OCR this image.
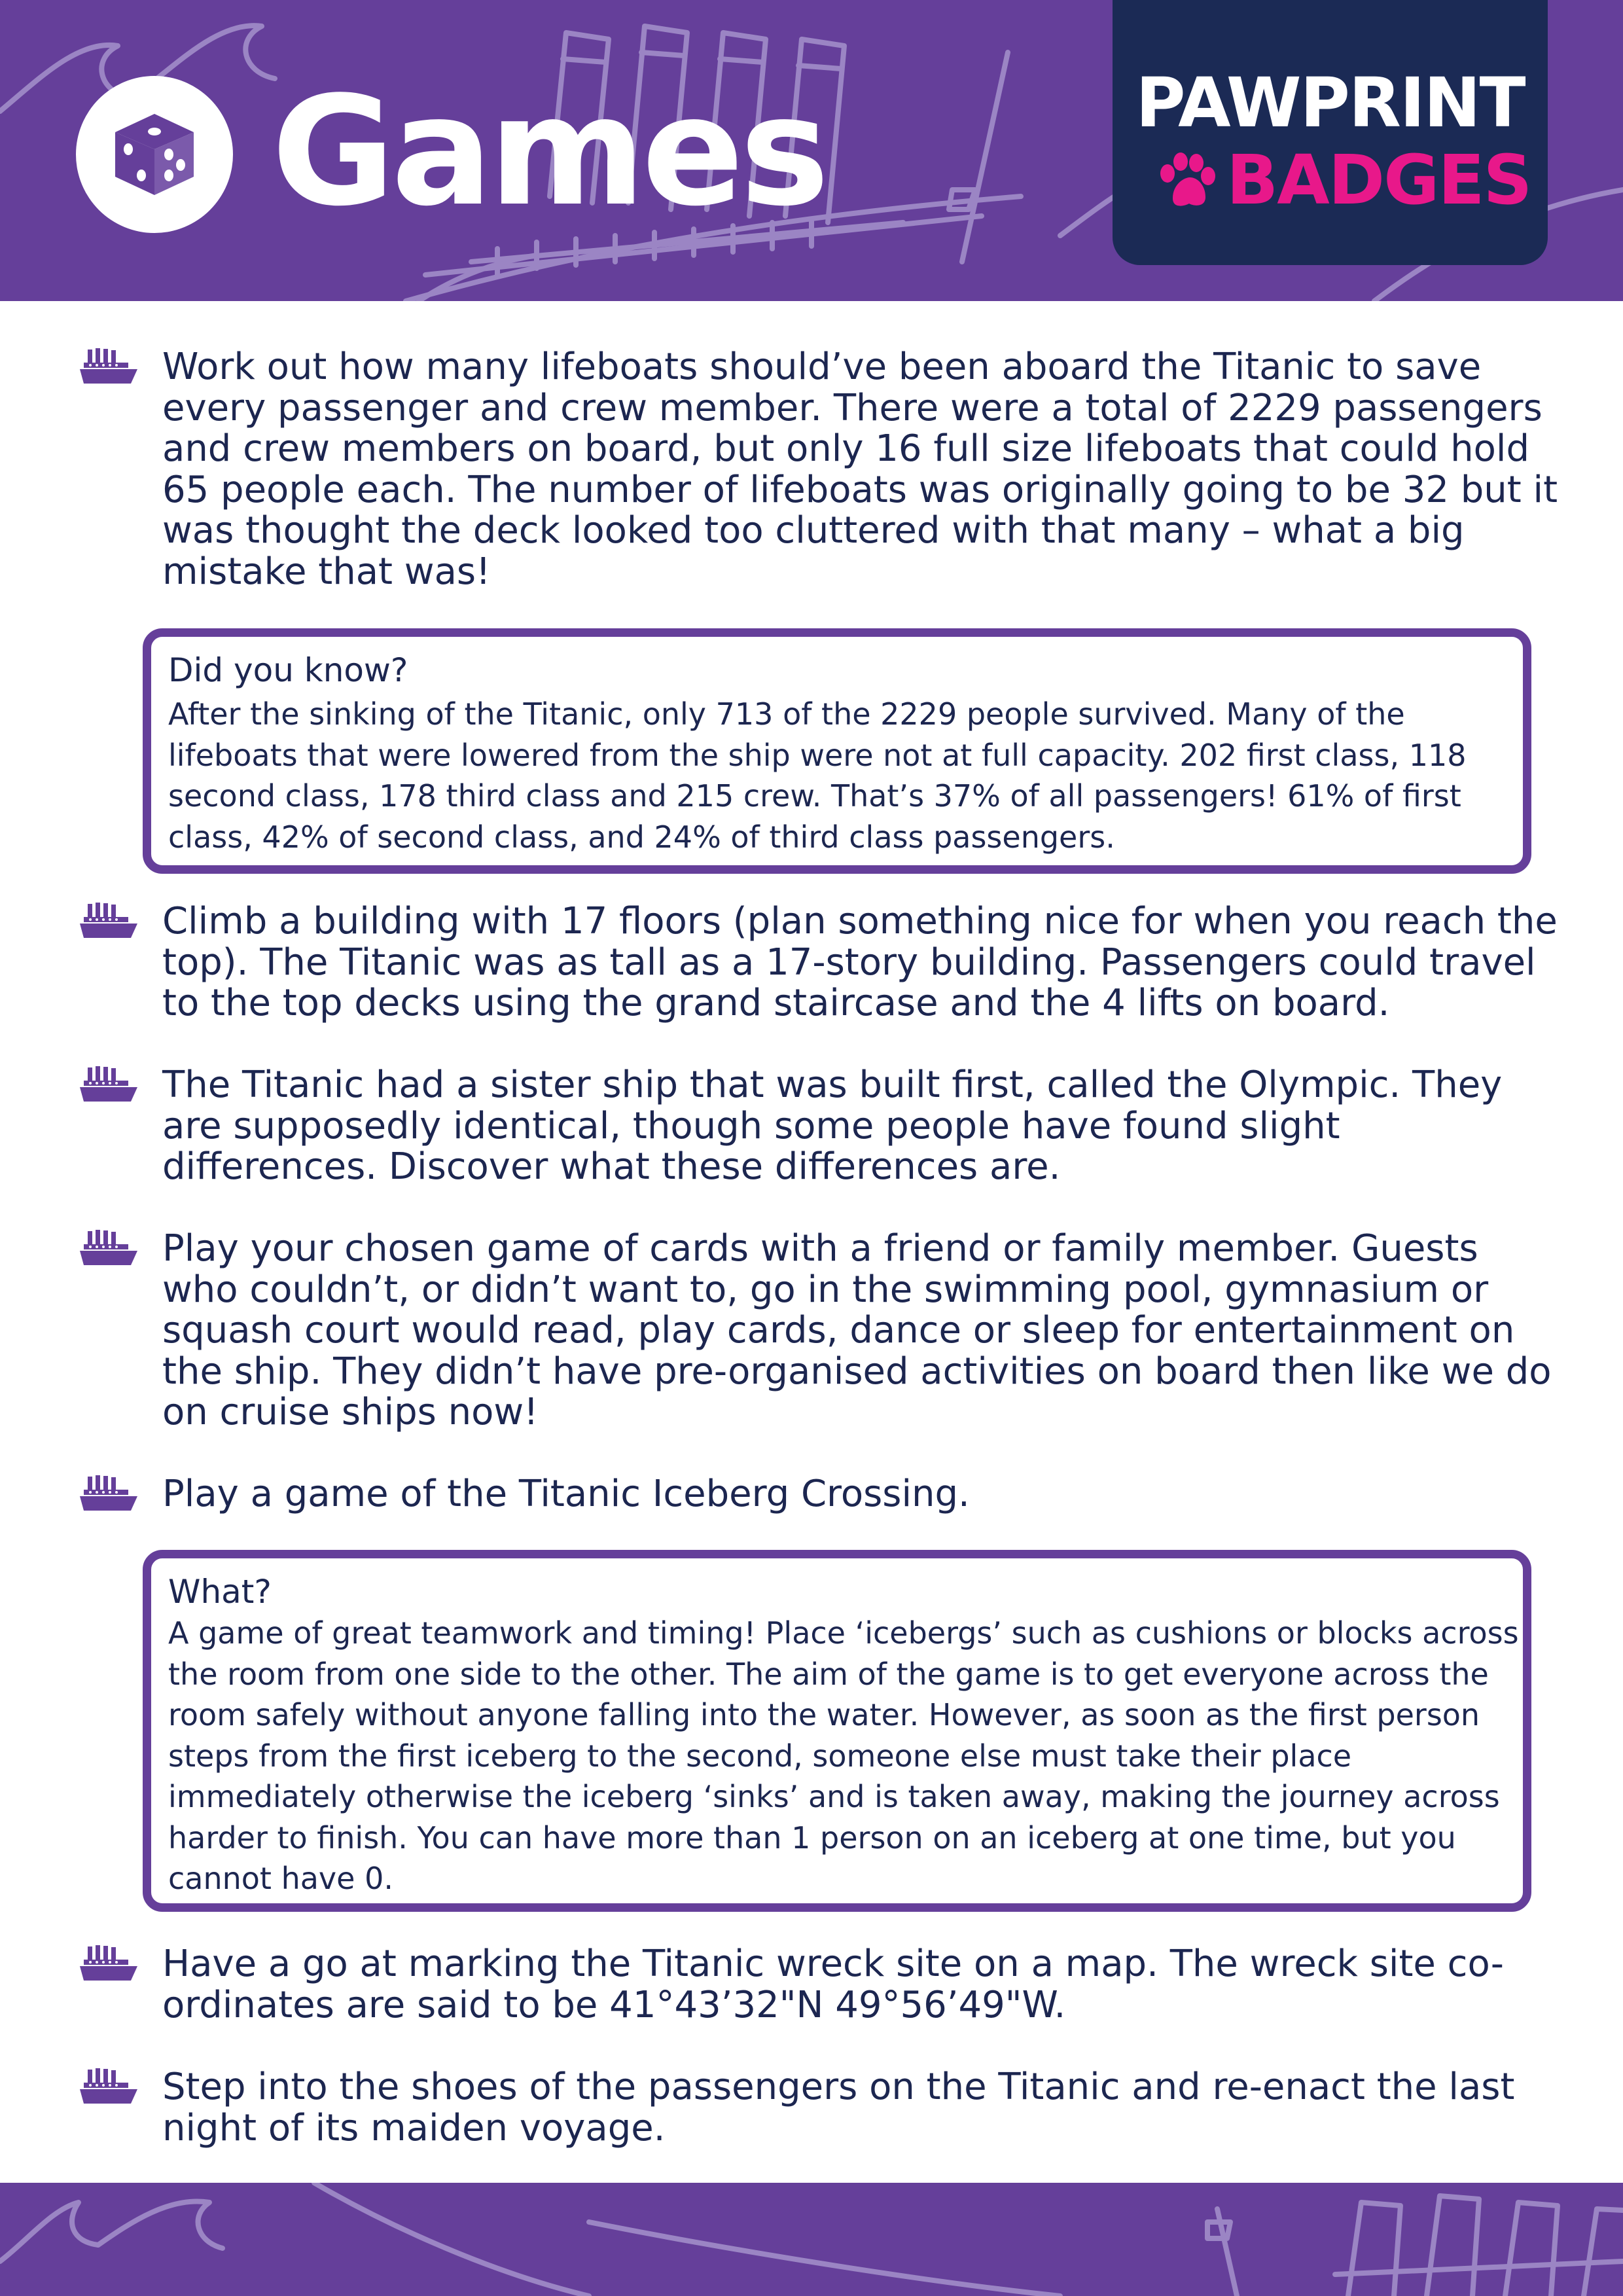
Games	PAWPRINT
BADGES

Work out how many lifeboats should’ve been aboard the Titanic to save every passenger and crew member. There were a total of 2229 passengers and crew members on board, but only 16 full size lifeboats that could hold 65 people each. The number of lifeboats was originally going to be 32 but it was thought the deck looked too cluttered with that many – what a big mistake that was!

Did you know?
After the sinking of the Titanic, only 713 of the 2229 people survived. Many of the lifeboats that were lowered from the ship were not at full capacity. 202 first class, 118 second class, 178 third class and 215 crew. That’s 37% of all passengers! 61% of first class, 42% of second class, and 24% of third class passengers.

Climb a building with 17 floors (plan something nice for when you reach the top). The Titanic was as tall as a 17-story building. Passengers could travel to the top decks using the grand staircase and the 4 lifts on board.

The Titanic had a sister ship that was built first, called the Olympic. They are supposedly identical, though some people have found slight differences. Discover what these differences are.

Play your chosen game of cards with a friend or family member. Guests who couldn’t, or didn’t want to, go in the swimming pool, gymnasium or squash court would read, play cards, dance or sleep for entertainment on the ship. They didn’t have pre-organised activities on board then like we do on cruise ships now!

Play a game of the Titanic Iceberg Crossing.

What?
A game of great teamwork and timing! Place ‘icebergs’ such as cushions or blocks across the room from one side to the other. The aim of the game is to get everyone across the room safely without anyone falling into the water. However, as soon as the first person steps from the first iceberg to the second, someone else must take their place immediately otherwise the iceberg ‘sinks’ and is taken away, making the journey across harder to finish. You can have more than 1 person on an iceberg at one time, but you cannot have 0.

Have a go at marking the Titanic wreck site on a map. The wreck site co-ordinates are said to be 41°43’32"N 49°56’49"W.

Step into the shoes of the passengers on the Titanic and re-enact the last night of its maiden voyage.
